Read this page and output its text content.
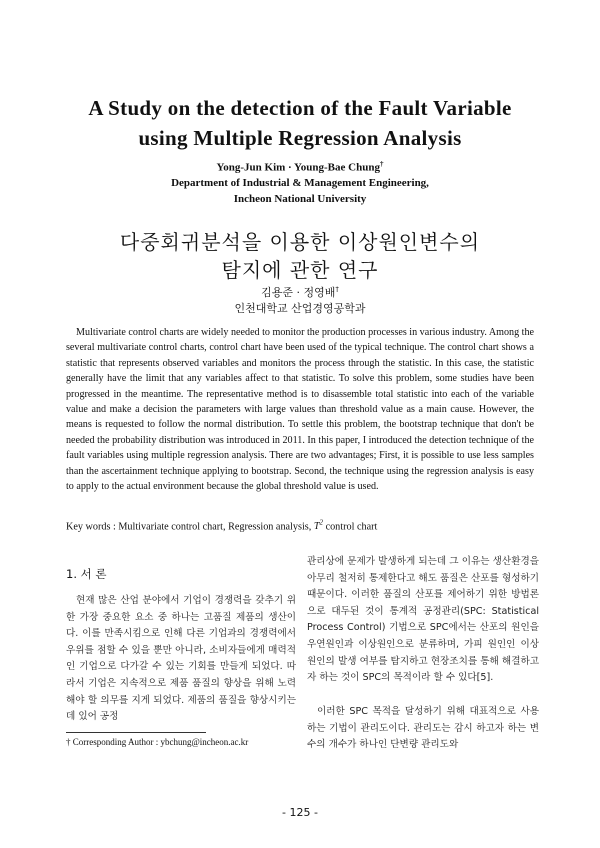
A Study on the detection of the Fault Variable
using Multiple Regression Analysis
Yong-Jun Kim · Young-Bae Chung†
Department of Industrial & Management Engineering,
Incheon National University
다중회귀분석을 이용한 이상원인변수의
탐지에 관한 연구
김용준 · 정영배†
인천대학교 산업경영공학과
Multivariate control charts are widely needed to monitor the production processes in various industry. Among the several multivariate control charts, control chart have been used of the typical technique. The control chart shows a statistic that represents observed variables and monitors the process through the statistic. In this case, the statistic generally have the limit that any variables affect to that statistic. To solve this problem, some studies have been progressed in the meantime. The representative method is to disassemble total statistic into each of the variable value and make a decision the parameters with large values than threshold value as a main cause. However, the means is requested to follow the normal distribution. To settle this problem, the bootstrap technique that don't be needed the probability distribution was introduced in 2011. In this paper, I introduced the detection technique of the fault variables using multiple regression analysis. There are two advantages; First, it is possible to use less samples than the ascertainment technique applying to bootstrap. Second, the technique using the regression analysis is easy to apply to the actual environment because the global threshold value is used.
Key words : Multivariate control chart, Regression analysis, $T^2$ control chart
1. 서 론
현재 많은 산업 분야에서 기업이 경쟁력을 갖추기 위한 가장 중요한 요소 중 하나는 고품질 제품의 생산이다. 이를 만족시킴으로 인해 다른 기업과의 경쟁력에서 우위를 점할 수 있을 뿐만 아니라, 소비자들에게 매력적인 기업으로 다가갈 수 있는 기회를 만들게 되었다. 따라서 기업은 지속적으로 제품 품질의 향상을 위해 노력해야 할 의무를 지게 되었다. 제품의 품질을 향상시키는데 있어 공정
관리상에 문제가 발생하게 되는데 그 이유는 생산환경을 아무리 철저히 통제한다고 해도 품질은 산포를 형성하기 때문이다. 이러한 품질의 산포를 제어하기 위한 방법론으로 대두된 것이 통계적 공정관리(SPC: Statistical Process Control) 기법으로 SPC에서는 산포의 원인을 우연원인과 이상원인으로 분류하며, 가피 원인인 이상 원인의 발생 여부를 탐지하고 현장조치를 통해 해결하고자 하는 것이 SPC의 목적이라 할 수 있다[5].
이러한 SPC 목적을 달성하기 위해 대표적으로 사용하는 기법이 관리도이다. 관리도는 감시 하고자 하는 변수의 개수가 하나인 단변량 관리도와
† Corresponding Author : ybchung@incheon.ac.kr
- 125 -
